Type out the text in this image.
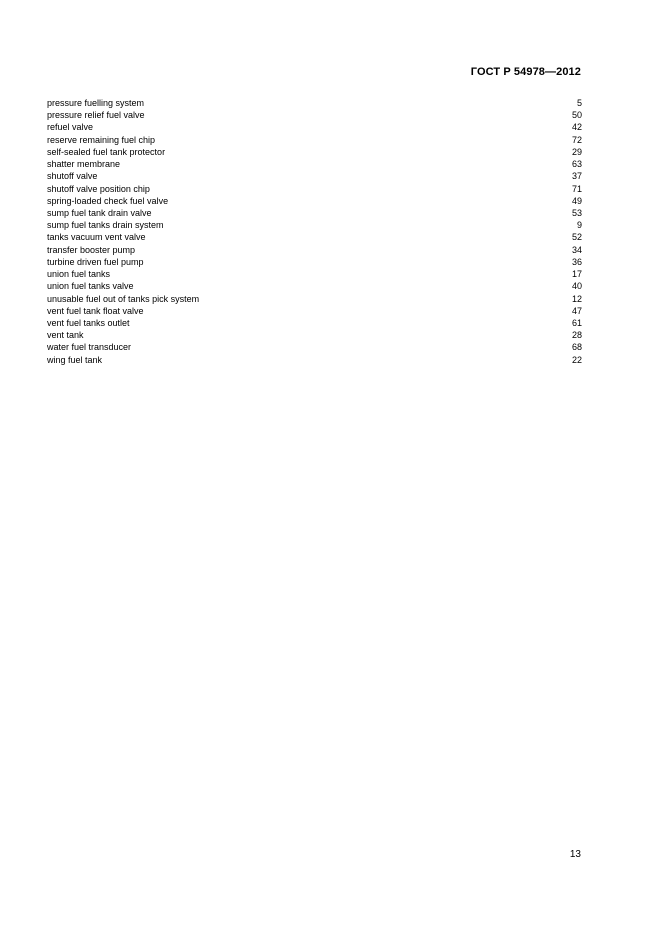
ГОСТ Р 54978—2012
pressure fuelling system	5
pressure relief fuel valve	50
refuel valve	42
reserve remaining fuel chip	72
self-sealed fuel tank protector	29
shatter membrane	63
shutoff valve	37
shutoff valve position chip	71
spring-loaded check fuel valve	49
sump fuel tank drain valve	53
sump fuel tanks drain system	9
tanks vacuum vent valve	52
transfer booster pump	34
turbine driven fuel pump	36
union fuel tanks	17
union fuel tanks valve	40
unusable fuel out of tanks pick system	12
vent fuel tank float valve	47
vent fuel tanks outlet	61
vent tank	28
water fuel transducer	68
wing fuel tank	22
13
